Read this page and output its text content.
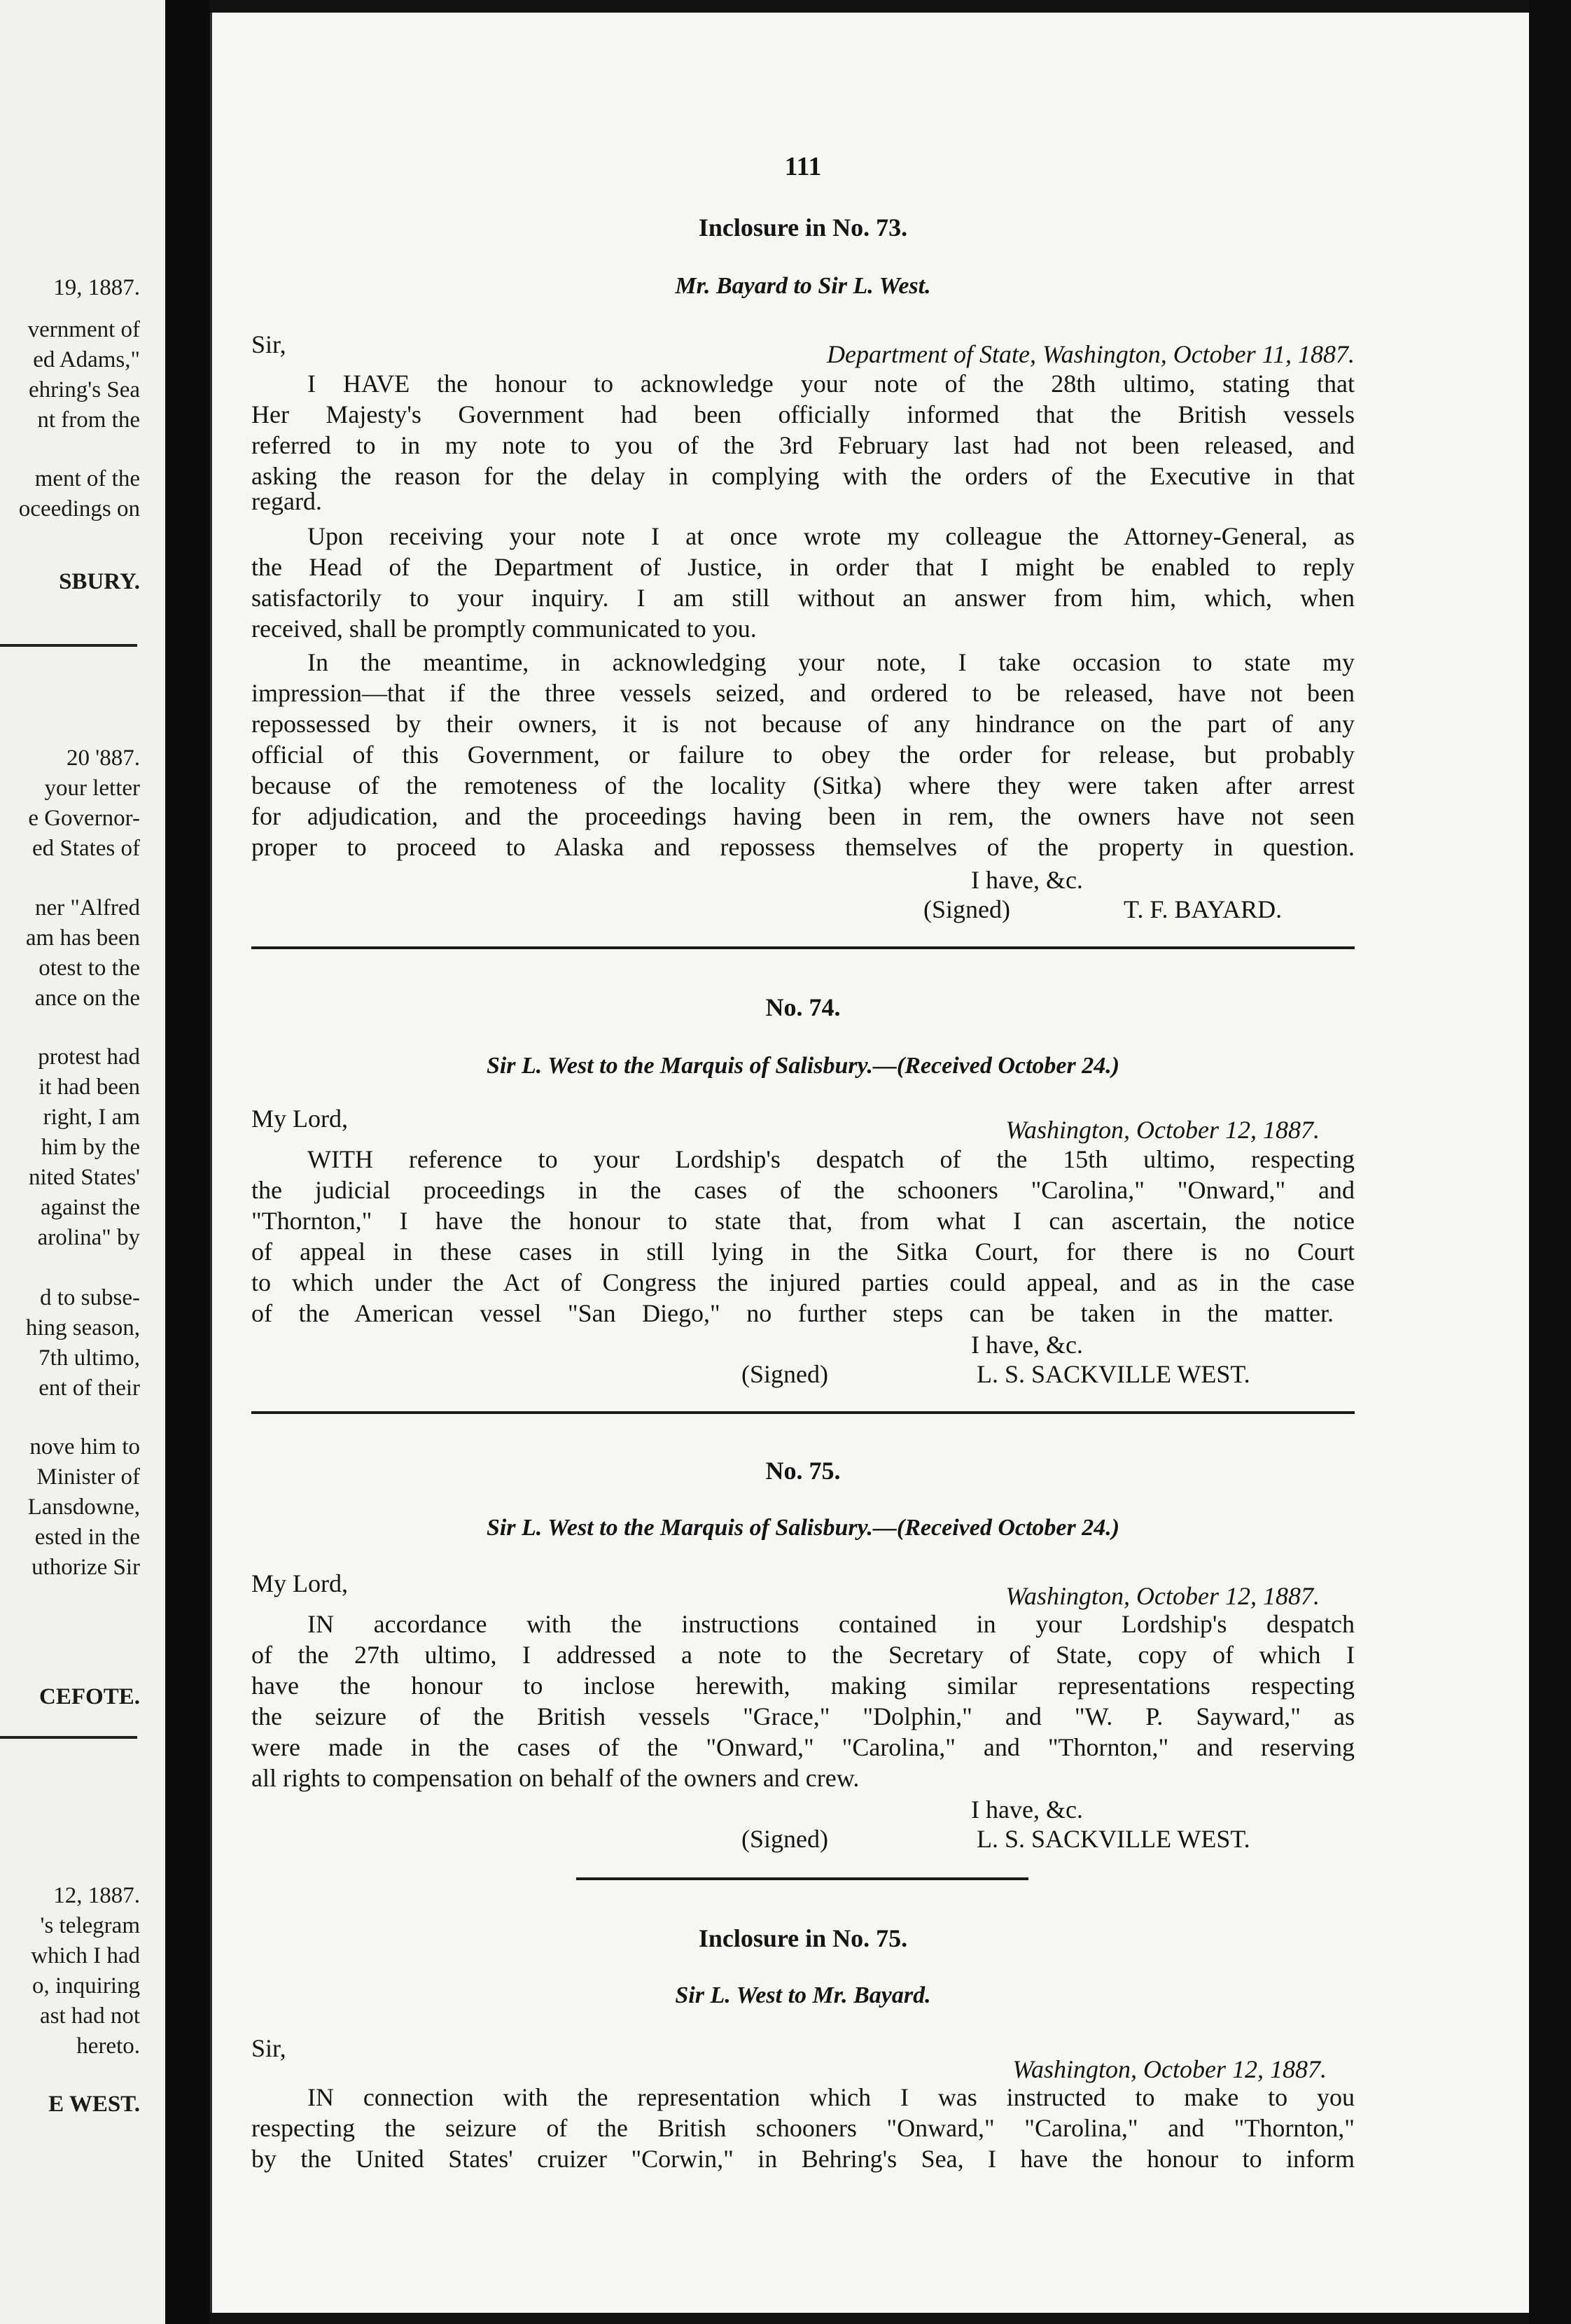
19, 1887.
vernment of
ed Adams,"
ehring's Sea
nt from the
ment of the
oceedings on
SBURY.
20 '887.
your letter
e Governor-
ed States of
ner "Alfred
am has been
otest to the
ance on the
protest had
it had been
right, I am
him by the
nited States'
against the
arolina" by
d to subse-
hing season,
7th ultimo,
ent of their
nove him to
Minister of
Lansdowne,
ested in the
uthorize Sir
CEFOTE.
12, 1887.
's telegram
which I had
o, inquiring
ast had not
hereto.
E WEST.
111
Inclosure in No. 73.
Mr. Bayard to Sir L. West.
Sir,	Department of State, Washington, October 11, 1887.
I HAVE the honour to acknowledge your note of the 28th ultimo, stating that
Her Majesty's Government had been officially informed that the British vessels
referred to in my note to you of the 3rd February last had not been released, and
asking the reason for the delay in complying with the orders of the Executive in that
regard.
Upon receiving your note I at once wrote my colleague the Attorney-General, as
the Head of the Department of Justice, in order that I might be enabled to reply
satisfactorily to your inquiry. I am still without an answer from him, which, when
received, shall be promptly communicated to you.
In the meantime, in acknowledging your note, I take occasion to state my
impression—that if the three vessels seized, and ordered to be released, have not been
repossessed by their owners, it is not because of any hindrance on the part of any
official of this Government, or failure to obey the order for release, but probably
because of the remoteness of the locality (Sitka) where they were taken after arrest
for adjudication, and the proceedings having been in rem, the owners have not seen
proper to proceed to Alaska and repossess themselves of the property in question.
I have, &c.
(Signed)	T. F. BAYARD.
No. 74.
Sir L. West to the Marquis of Salisbury.—(Received October 24.)
My Lord,	Washington, October 12, 1887.
WITH reference to your Lordship's despatch of the 15th ultimo, respecting
the judicial proceedings in the cases of the schooners "Carolina," "Onward," and
"Thornton," I have the honour to state that, from what I can ascertain, the notice
of appeal in these cases in still lying in the Sitka Court, for there is no Court
to which under the Act of Congress the injured parties could appeal, and as in the case
of the American vessel "San Diego," no further steps can be taken in the matter.
I have, &c.
(Signed)	L. S. SACKVILLE WEST.
No. 75.
Sir L. West to the Marquis of Salisbury.—(Received October 24.)
My Lord,	Washington, October 12, 1887.
IN accordance with the instructions contained in your Lordship's despatch
of the 27th ultimo, I addressed a note to the Secretary of State, copy of which I
have the honour to inclose herewith, making similar representations respecting
the seizure of the British vessels "Grace," "Dolphin," and "W. P. Sayward," as
were made in the cases of the "Onward," "Carolina," and "Thornton," and reserving
all rights to compensation on behalf of the owners and crew.
I have, &c.
(Signed)	L. S. SACKVILLE WEST.
Inclosure in No. 75.
Sir L. West to Mr. Bayard.
Sir,
Washington, October 12, 1887.
IN connection with the representation which I was instructed to make to you
respecting the seizure of the British schooners "Onward," "Carolina," and "Thornton,"
by the United States' cruizer "Corwin," in Behring's Sea, I have the honour to inform
